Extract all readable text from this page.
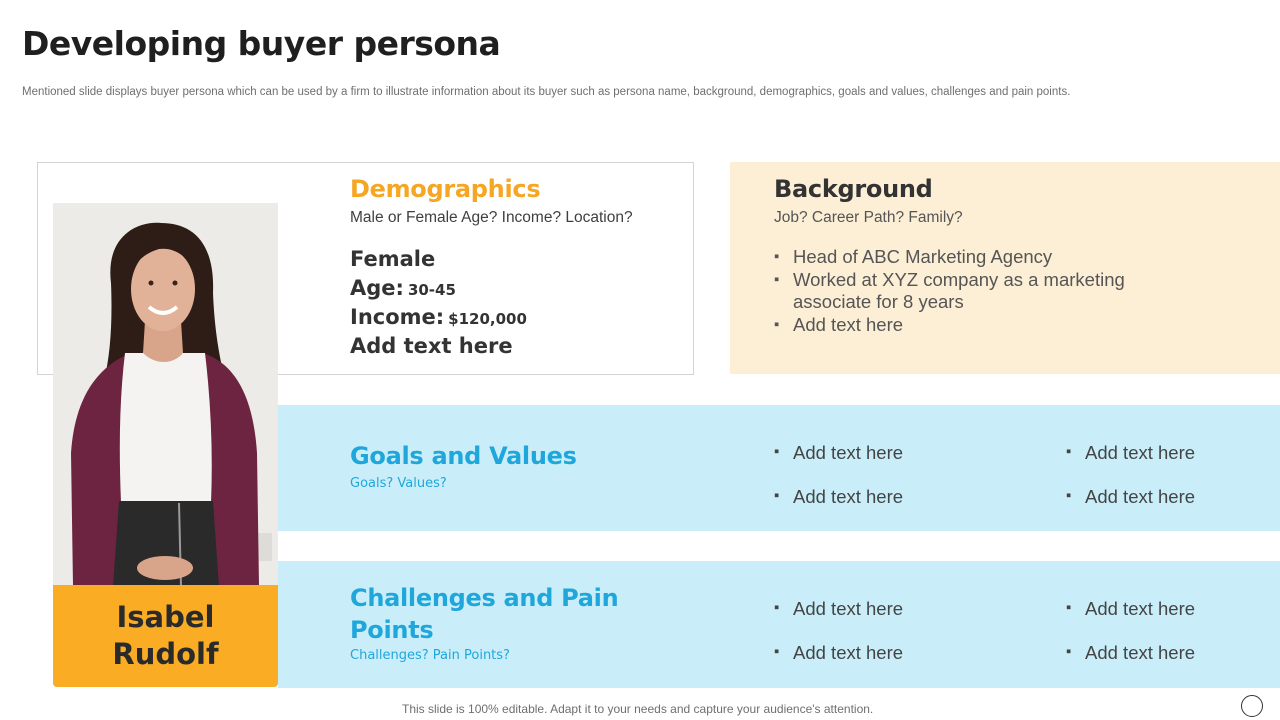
Developing buyer persona
Mentioned slide displays buyer persona which can be used by a firm to illustrate information about its buyer such as persona name, background, demographics, goals and values, challenges and pain points.
Isabel Rudolf
Demographics
Male or Female Age? Income? Location?
Female
Age: 30-45
Income: $120,000
Add text here
Background
Job? Career Path? Family?
▪ Head of ABC Marketing Agency
▪ Worked at XYZ company as a marketing associate for 8 years
▪ Add text here
Goals and Values
Goals? Values?
▪ Add text here	▪ Add text here
▪ Add text here	▪ Add text here
Challenges and Pain Points
Challenges? Pain Points?
▪ Add text here	▪ Add text here
▪ Add text here	▪ Add text here
This slide is 100% editable. Adapt it to your needs and capture your audience's attention.
